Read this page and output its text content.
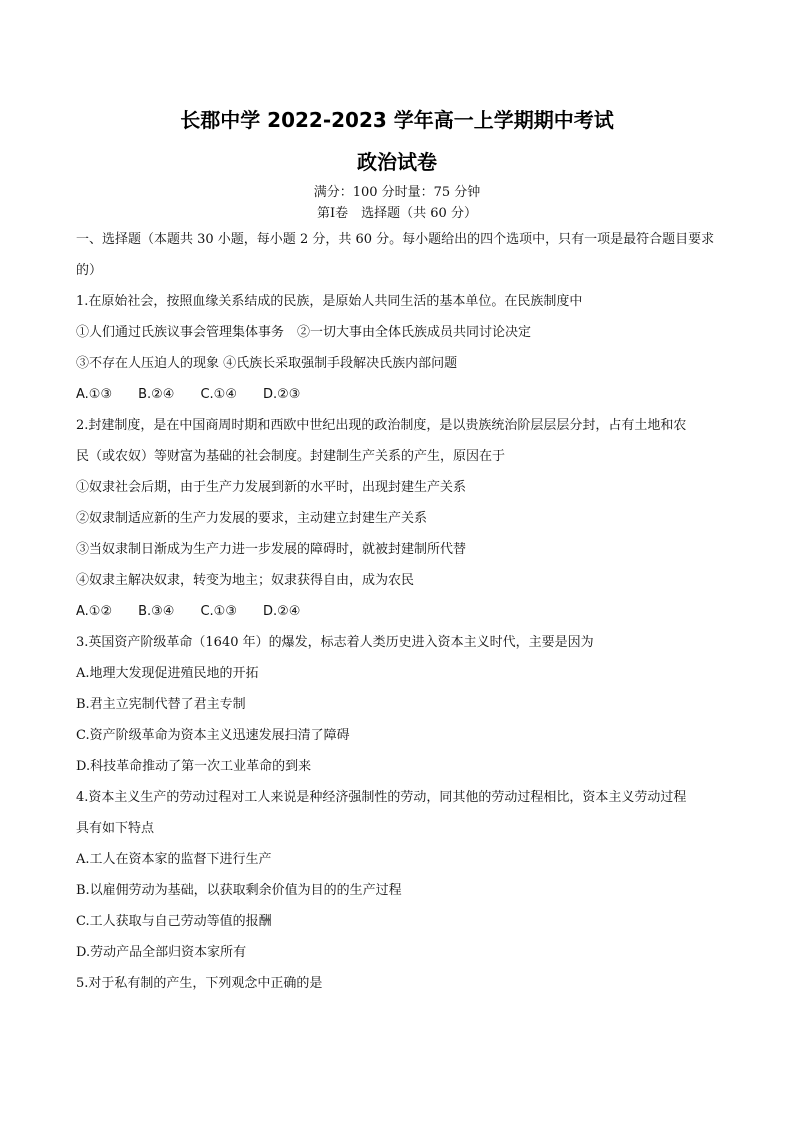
长郡中学 2022-2023 学年高一上学期期中考试
政治试卷
满分：100 分时量：75 分钟
第Ⅰ卷　选择题（共 60 分）
一、选择题（本题共 30 小题，每小题 2 分，共 60 分。每小题给出的四个选项中，只有一项是最符合题目要求
的）
1.在原始社会，按照血缘关系结成的民族，是原始人共同生活的基本单位。在民族制度中
①人们通过氏族议事会管理集体事务　②一切大事由全体氏族成员共同讨论决定
③不存在人压迫人的现象 ④氏族长采取强制手段解决氏族内部问题
A.①③　　B.②④　　C.①④　　D.②③
2.封建制度，是在中国商周时期和西欧中世纪出现的政治制度，是以贵族统治阶层层层分封，占有土地和农
民（或农奴）等财富为基础的社会制度。封建制生产关系的产生，原因在于
①奴隶社会后期，由于生产力发展到新的水平时，出现封建生产关系
②奴隶制适应新的生产力发展的要求，主动建立封建生产关系
③当奴隶制日渐成为生产力进一步发展的障碍时，就被封建制所代替
④奴隶主解决奴隶，转变为地主；奴隶获得自由，成为农民
A.①②　　B.③④　　C.①③　　D.②④
3.英国资产阶级革命（1640 年）的爆发，标志着人类历史进入资本主义时代，主要是因为
A.地理大发现促进殖民地的开拓
B.君主立宪制代替了君主专制
C.资产阶级革命为资本主义迅速发展扫清了障碍
D.科技革命推动了第一次工业革命的到来
4.资本主义生产的劳动过程对工人来说是种经济强制性的劳动，同其他的劳动过程相比，资本主义劳动过程
具有如下特点
A.工人在资本家的监督下进行生产
B.以雇佣劳动为基础，以获取剩余价值为目的的生产过程
C.工人获取与自己劳动等值的报酬
D.劳动产品全部归资本家所有
5.对于私有制的产生，下列观念中正确的是
